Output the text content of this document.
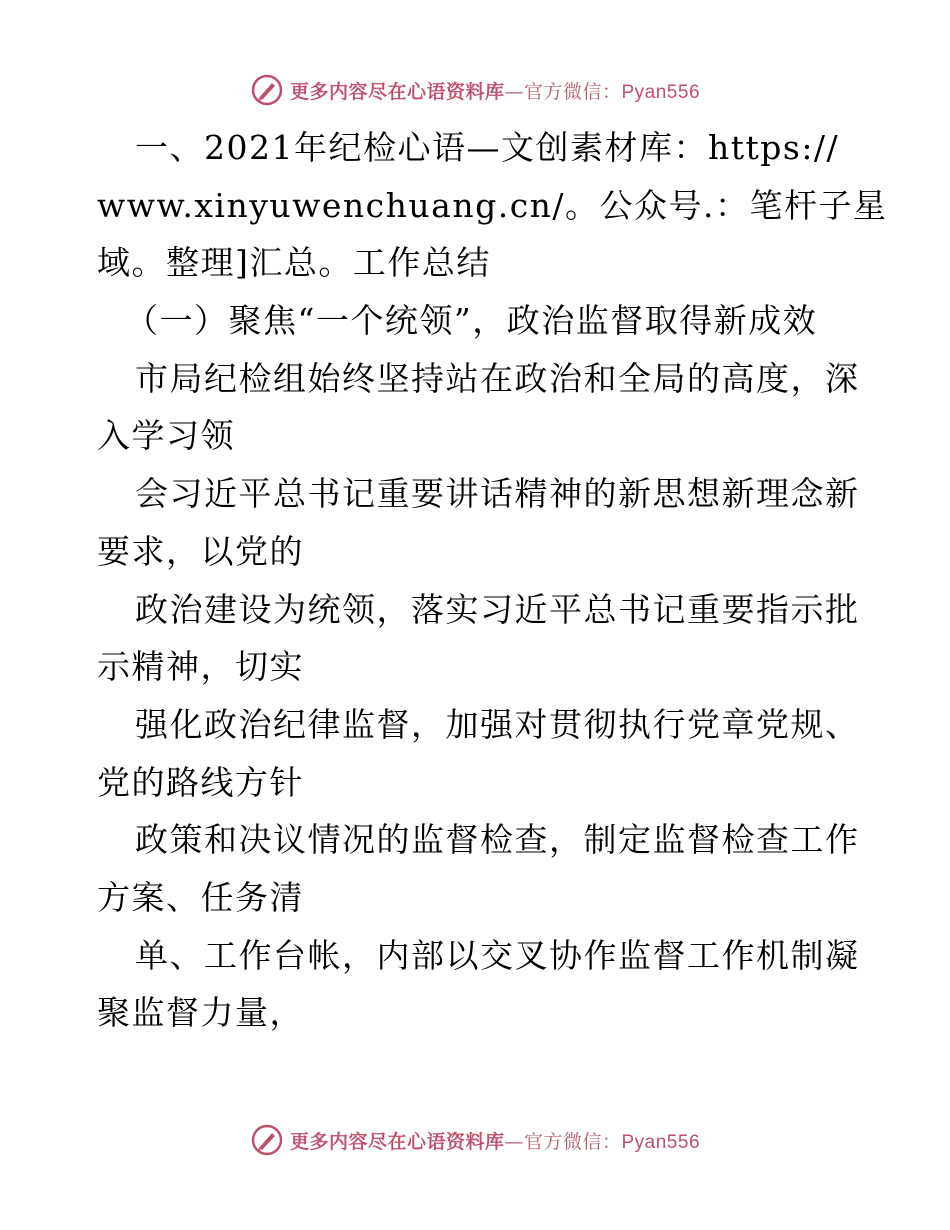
更多内容尽在心语资料库—官方微信：Pyan556
一、2021年纪检心语—文创素材库：https://
www.xinyuwenchuang.cn/。公众号.：笔杆子星
域。整理]汇总。工作总结
（一）聚焦“一个统领”，政治监督取得新成效
市局纪检组始终坚持站在政治和全局的高度，深
入学习领
会习近平总书记重要讲话精神的新思想新理念新
要求，以党的
政治建设为统领，落实习近平总书记重要指示批
示精神，切实
强化政治纪律监督，加强对贯彻执行党章党规、
党的路线方针
政策和决议情况的监督检查，制定监督检查工作
方案、任务清
单、工作台帐，内部以交叉协作监督工作机制凝
聚监督力量，
更多内容尽在心语资料库—官方微信：Pyan556
